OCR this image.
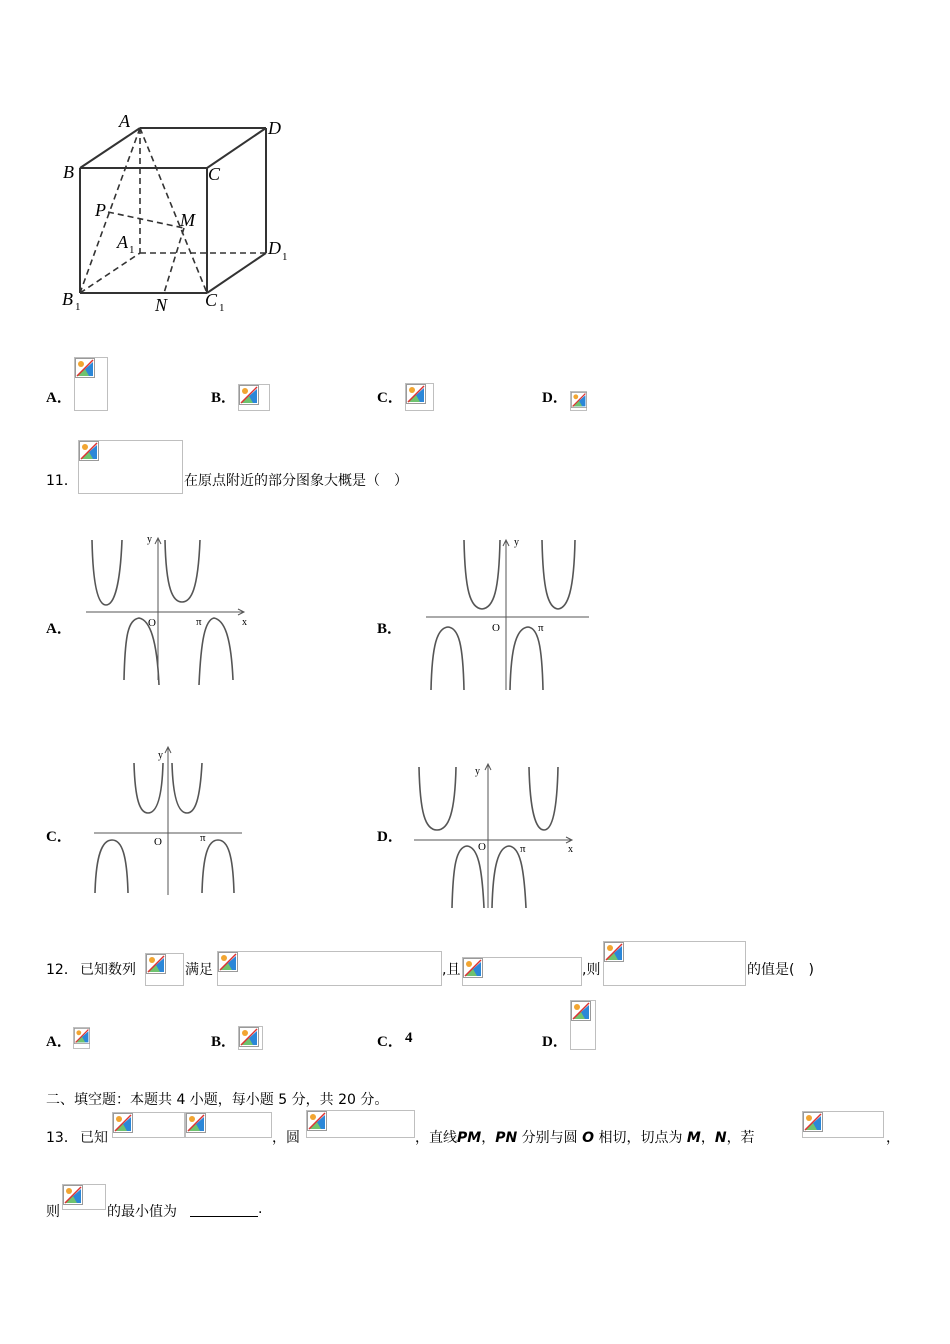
A	D
B	C
P	M
A	D
B	N C
1
1
1	1
A．	B．	C．	D．
11．	在原点附近的部分图象大概是（　）
A．	B．
C．	D．
y
x
O	π
y
O	π
y
O	π
y
x
O	π
12． 已知数列	满足	,且	,则	的值是(　)
A．	B．	C． 4	D．
二、填空题：本题共 4 小题，每小题 5 分，共 20 分。
13． 已知	，圆	，直线PM，PN 分别与圆 O 相切，切点为 M，N，若	，
则	的最小值为	.
